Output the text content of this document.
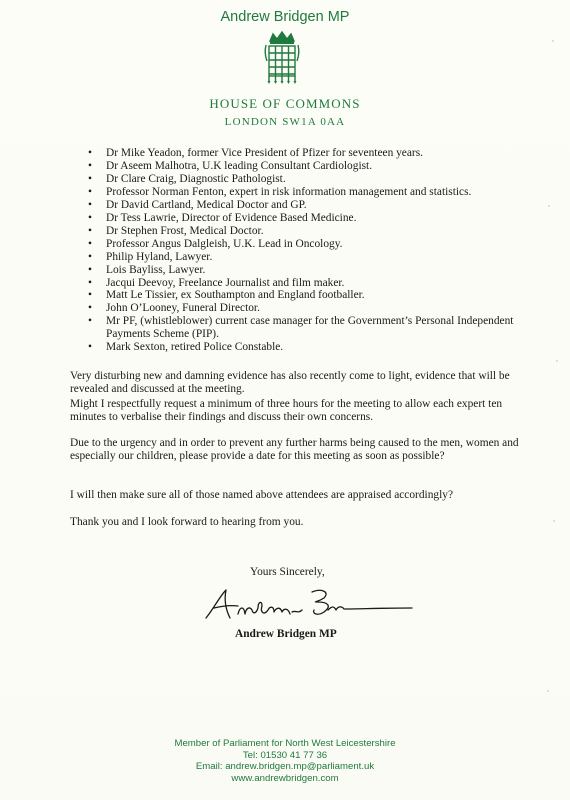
Andrew Bridgen MP
HOUSE OF COMMONS
LONDON SW1A 0AA
• Dr Mike Yeadon, former Vice President of Pfizer for seventeen years.
• Dr Aseem Malhotra, U.K leading Consultant Cardiologist.
• Dr Clare Craig, Diagnostic Pathologist.
• Professor Norman Fenton, expert in risk information management and statistics.
• Dr David Cartland, Medical Doctor and GP.
• Dr Tess Lawrie, Director of Evidence Based Medicine.
• Dr Stephen Frost, Medical Doctor.
• Professor Angus Dalgleish, U.K. Lead in Oncology.
• Philip Hyland, Lawyer.
• Lois Bayliss, Lawyer.
• Jacqui Deevoy, Freelance Journalist and film maker.
• Matt Le Tissier, ex Southampton and England footballer.
• John O’Looney, Funeral Director.
• Mr PF, (whistleblower) current case manager for the Government’s Personal Independent Payments Scheme (PIP).
• Mark Sexton, retired Police Constable.

Very disturbing new and damning evidence has also recently come to light, evidence that will be revealed and discussed at the meeting.

Might I respectfully request a minimum of three hours for the meeting to allow each expert ten minutes to verbalise their findings and discuss their own concerns.

Due to the urgency and in order to prevent any further harms being caused to the men, women and especially our children, please provide a date for this meeting as soon as possible?

I will then make sure all of those named above attendees are appraised accordingly?

Thank you and I look forward to hearing from you.

Yours Sincerely,
Andrew Bridgen MP
Member of Parliament for North West Leicestershire
Tel: 01530 41 77 36
Email: andrew.bridgen.mp@parliament.uk
www.andrewbridgen.com
